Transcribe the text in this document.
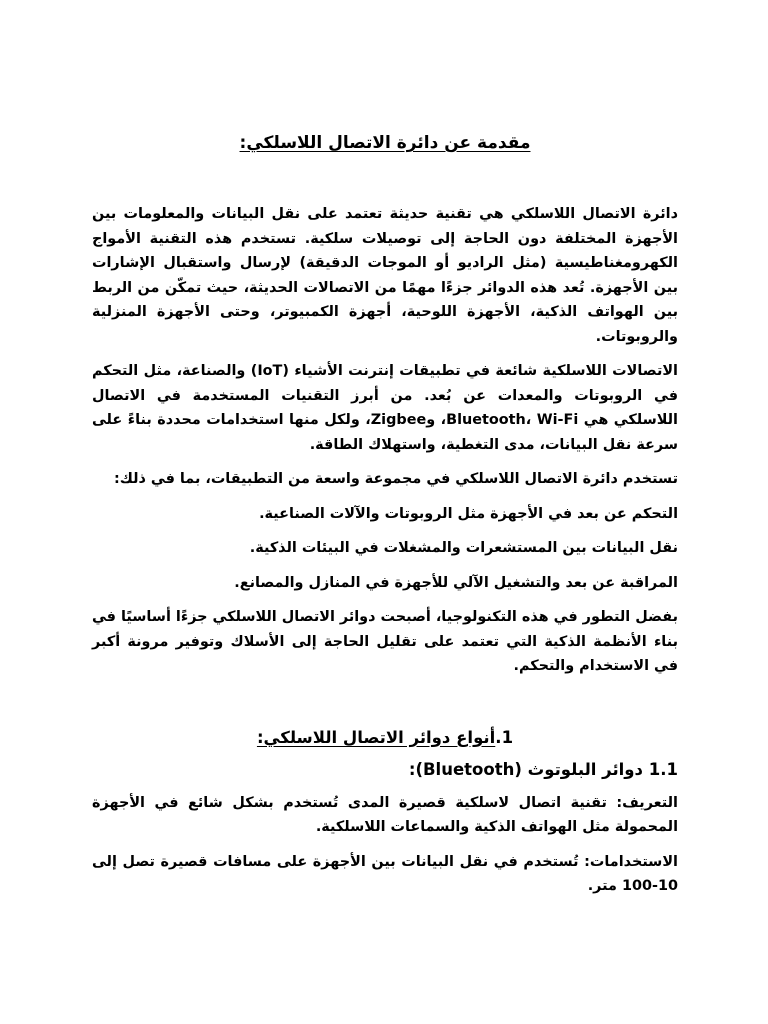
مقدمة عن دائرة الاتصال اللاسلكي:

دائرة الاتصال اللاسلكي هي تقنية حديثة تعتمد على نقل البيانات والمعلومات بين الأجهزة المختلفة دون الحاجة إلى توصيلات سلكية. تستخدم هذه التقنية الأمواج الكهرومغناطيسية (مثل الراديو أو الموجات الدقيقة) لإرسال واستقبال الإشارات بين الأجهزة. تُعد هذه الدوائر جزءًا مهمًا من الاتصالات الحديثة، حيث تمكّن من الربط بين الهواتف الذكية، الأجهزة اللوحية، أجهزة الكمبيوتر، وحتى الأجهزة المنزلية والروبوتات.

الاتصالات اللاسلكية شائعة في تطبيقات إنترنت الأشياء (IoT) والصناعة، مثل التحكم في الروبوتات والمعدات عن بُعد. من أبرز التقنيات المستخدمة في الاتصال اللاسلكي هي Bluetooth، Wi-Fi، وZigbee، ولكل منها استخدامات محددة بناءً على سرعة نقل البيانات، مدى التغطية، واستهلاك الطاقة.

تستخدم دائرة الاتصال اللاسلكي في مجموعة واسعة من التطبيقات، بما في ذلك:

التحكم عن بعد في الأجهزة مثل الروبوتات والآلات الصناعية.

نقل البيانات بين المستشعرات والمشغلات في البيئات الذكية.

المراقبة عن بعد والتشغيل الآلي للأجهزة في المنازل والمصانع.

بفضل التطور في هذه التكنولوجيا، أصبحت دوائر الاتصال اللاسلكي جزءًا أساسيًا في بناء الأنظمة الذكية التي تعتمد على تقليل الحاجة إلى الأسلاك وتوفير مرونة أكبر في الاستخدام والتحكم.

1.أنواع دوائر الاتصال اللاسلكي:
1.1 دوائر البلوتوث (Bluetooth):

التعريف: تقنية اتصال لاسلكية قصيرة المدى تُستخدم بشكل شائع في الأجهزة المحمولة مثل الهواتف الذكية والسماعات اللاسلكية.

الاستخدامات: تُستخدم في نقل البيانات بين الأجهزة على مسافات قصيرة تصل إلى 10-100 متر.
